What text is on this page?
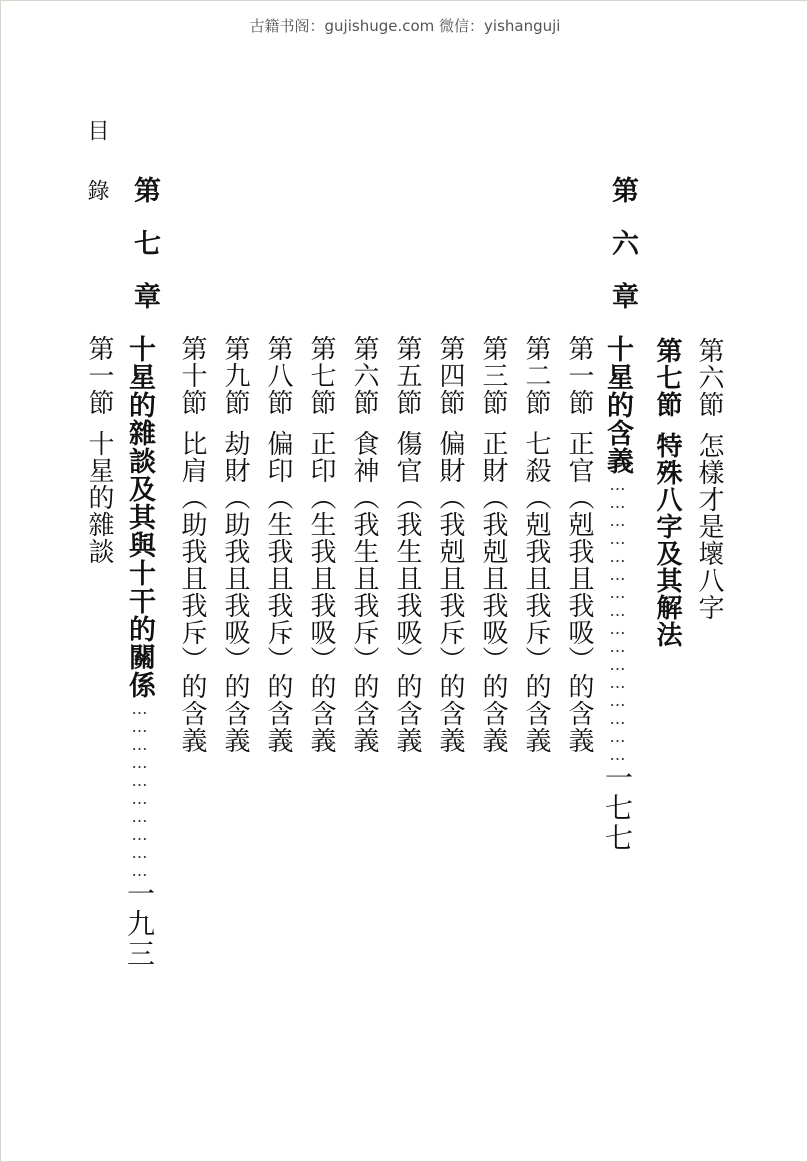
古籍书阁：gujishuge.com 微信：yishanguji
目錄
第六節怎樣才是壞八字
第七節特殊八字及其解法
第六章
十星的含義…………………………………………一七七
第一節正官（剋我且我吸）的含義
第二節七殺（剋我且我斥）的含義
第三節正財（我剋且我吸）的含義
第四節偏財（我剋且我斥）的含義
第五節傷官（我生且我吸）的含義
第六節食神（我生且我斥）的含義
第七節正印（生我且我吸）的含義
第八節偏印（生我且我斥）的含義
第九節劫財（助我且我吸）的含義
第十節比肩（助我且我斥）的含義
第七章
十星的雜談及其與十干的關係…………………………一九三
第一節十星的雜談
